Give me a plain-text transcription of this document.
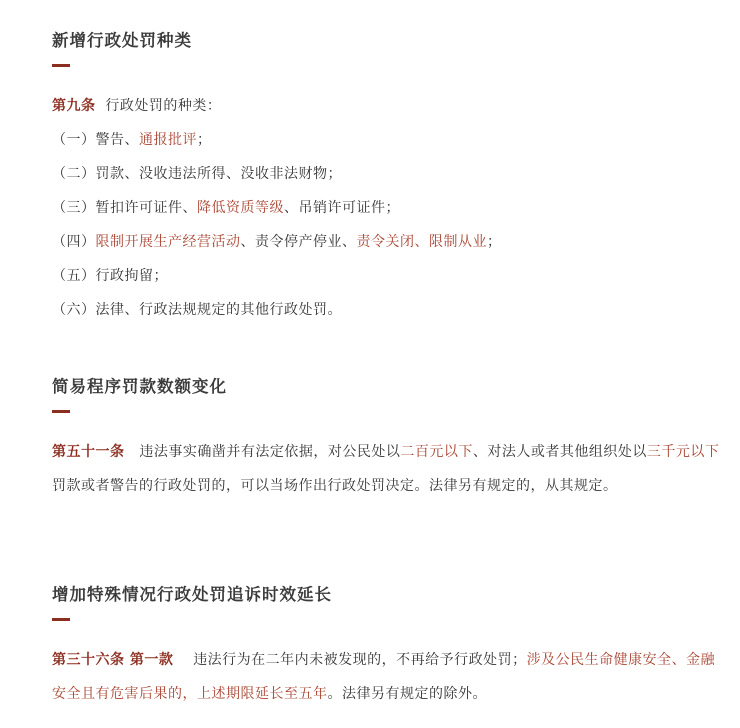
新增行政处罚种类

第九条 行政处罚的种类：

（一）警告、通报批评；

（二）罚款、没收违法所得、没收非法财物；

（三）暂扣许可证件、降低资质等级、吊销许可证件；

（四）限制开展生产经营活动、责令停产停业、责令关闭、限制从业；

（五）行政拘留；

（六）法律、行政法规规定的其他行政处罚。

简易程序罚款数额变化

第五十一条 违法事实确凿并有法定依据，对公民处以二百元以下、对法人或者其他组织处以三千元以下罚款或者警告的行政处罚的，可以当场作出行政处罚决定。法律另有规定的，从其规定。

增加特殊情况行政处罚追诉时效延长

第三十六条 第一款 违法行为在二年内未被发现的，不再给予行政处罚；涉及公民生命健康安全、金融安全且有危害后果的，上述期限延长至五年。法律另有规定的除外。
